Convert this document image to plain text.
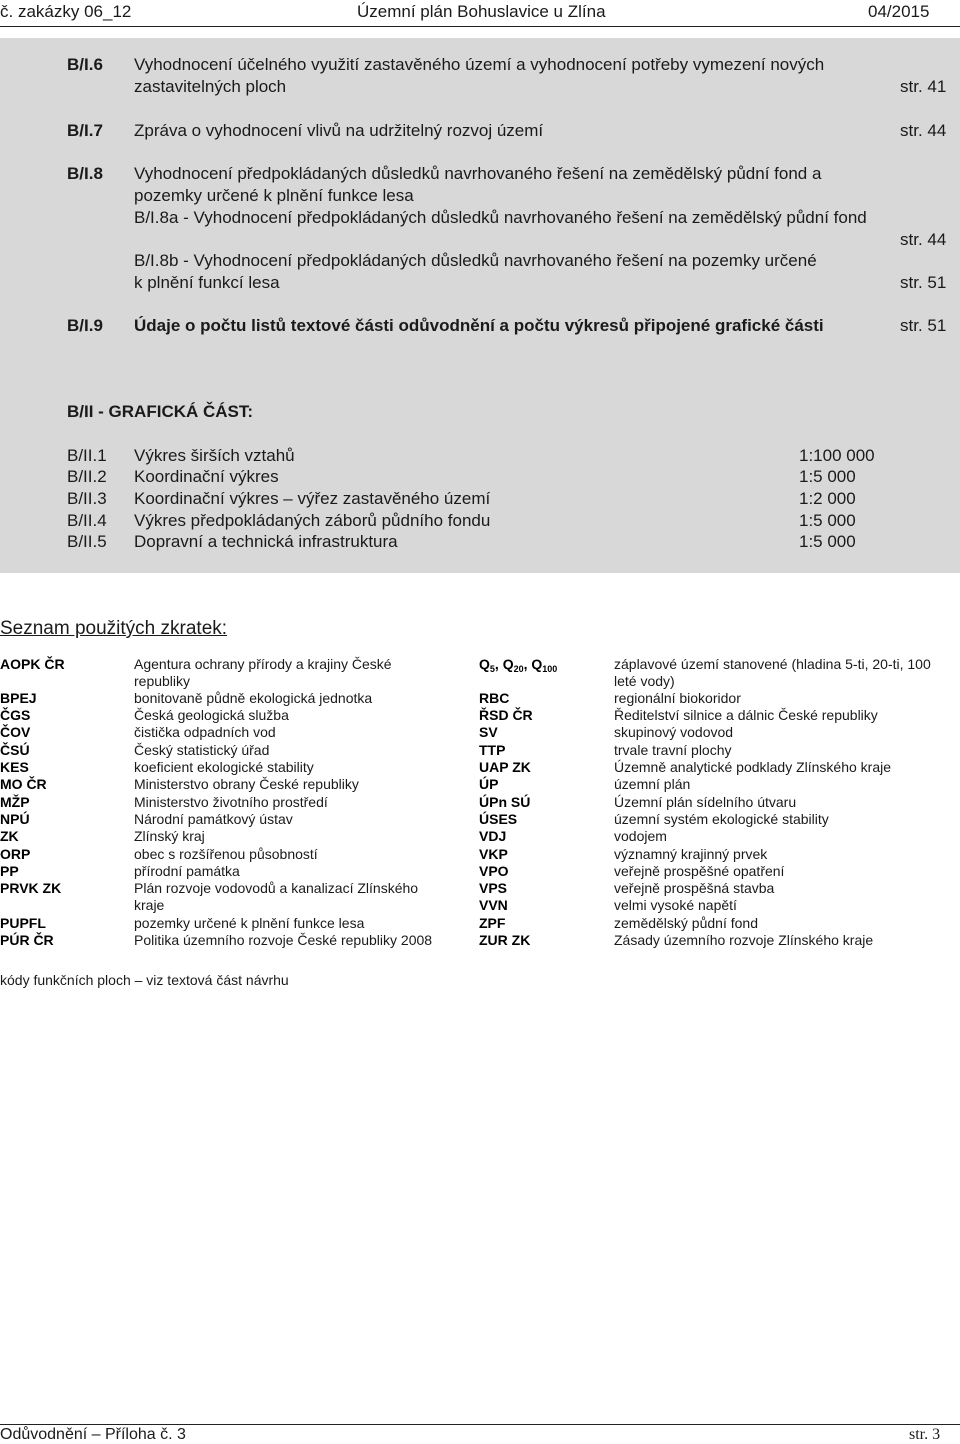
č. zakázky 06_12	Územní plán Bohuslavice u Zlína	04/2015
B/I.6 Vyhodnocení účelného využití zastavěného území a vyhodnocení potřeby vymezení nových
zastavitelných ploch	str. 41
B/I.7 Zpráva o vyhodnocení vlivů na udržitelný rozvoj území	str. 44
B/I.8 Vyhodnocení předpokládaných důsledků navrhovaného řešení na zemědělský půdní fond a
pozemky určené k plnění funkce lesa
B/I.8a - Vyhodnocení předpokládaných důsledků navrhovaného řešení na zemědělský půdní fond
str. 44
B/I.8b - Vyhodnocení předpokládaných důsledků navrhovaného řešení na pozemky určené
k plnění funkcí lesa	str. 51
B/I.9 Údaje o počtu listů textové části odůvodnění a počtu výkresů připojené grafické části	str. 51
B/II - GRAFICKÁ ČÁST:
B/II.1 Výkres širších vztahů	1:100 000
B/II.2 Koordinační výkres	1:5 000
B/II.3 Koordinační výkres – výřez zastavěného území	1:2 000
B/II.4 Výkres předpokládaných záborů půdního fondu	1:5 000
B/II.5 Dopravní a technická infrastruktura	1:5 000
Seznam použitých zkratek:
AOPK ČR	Agentura ochrany přírody a krajiny České
republiky
BPEJ	bonitovaně půdně ekologická jednotka
ČGS	Česká geologická služba
ČOV	čistička odpadních vod
ČSÚ	Český statistický úřad
KES	koeficient ekologické stability
MO ČR	Ministerstvo obrany České republiky
MŽP	Ministerstvo životního prostředí
NPÚ	Národní památkový ústav
ZK	Zlínský kraj
ORP	obec s rozšířenou působností
PP	přírodní památka
PRVK ZK	Plán rozvoje vodovodů a kanalizací Zlínského
kraje
PUPFL	pozemky určené k plnění funkce lesa
PÚR ČR	Politika územního rozvoje České republiky 2008
$Q_5$, $Q_{20}$, $Q_{100}$	záplavové území stanovené (hladina 5-ti, 20-ti, 100
leté vody)
RBC	regionální biokoridor
ŘSD ČR	Ředitelství silnice a dálnic České republiky
SV	skupinový vodovod
TTP	trvale travní plochy
UAP ZK	Územně analytické podklady Zlínského kraje
ÚP	územní plán
ÚPn SÚ	Územní plán sídelního útvaru
ÚSES	územní systém ekologické stability
VDJ	vodojem
VKP	významný krajinný prvek
VPO	veřejně prospěšné opatření
VPS	veřejně prospěšná stavba
VVN	velmi vysoké napětí
ZPF	zemědělský půdní fond
ZUR ZK	Zásady územního rozvoje Zlínského kraje
kódy funkčních ploch – viz textová část návrhu
Odůvodnění – Příloha č. 3	str. 3
